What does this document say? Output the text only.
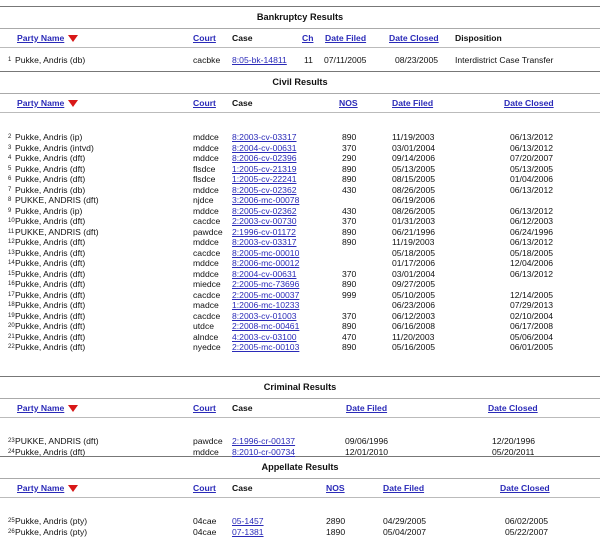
Bankruptcy Results
Party Name	Court Case	Ch Date Filed	Date Closed Disposition
1 Pukke, Andris (db)	cacbke 8:05-bk-14811 11 07/11/2005	08/23/2005 Interdistrict Case Transfer
Civil Results
Party Name	Court Case	NOS	Date Filed	Date Closed
2 Pukke, Andris (ip)	mddce 8:2003-cv-03317	890	11/19/2003	06/13/2012
3 Pukke, Andris (intvd)	mddce 8:2004-cv-00631	370	03/01/2004	06/13/2012
4 Pukke, Andris (dft)	mddce 8:2006-cv-02396	290	09/14/2006	07/20/2007
5 Pukke, Andris (dft)	flsdce 1:2005-cv-21319	890	05/13/2005	05/13/2005
6 Pukke, Andris (dft)	flsdce 1:2005-cv-22241	890	08/15/2005	01/04/2006
7 Pukke, Andris (db)	mddce 8:2005-cv-02362	430	08/26/2005	06/13/2012
8 PUKKE, ANDRIS (dft)	njdce 3:2006-mc-00078	06/19/2006
9 Pukke, Andris (ip)	mddce 8:2005-cv-02362	430	08/26/2005	06/13/2012
10 Pukke, Andris (dft)	cacdce 2:2003-cv-00730	370	01/31/2003	06/12/2003
11 PUKKE, ANDRIS (dft)	pawdce 2:1996-cv-01172	890	06/21/1996	06/24/1996
12 Pukke, Andris (dft)	mddce 8:2003-cv-03317	890	11/19/2003	06/13/2012
13 Pukke, Andris (dft)	cacdce 8:2005-mc-00010	05/18/2005	05/18/2005
14 Pukke, Andris (dft)	mddce 8:2006-mc-00012	01/17/2006	12/04/2006
15 Pukke, Andris (dft)	mddce 8:2004-cv-00631	370	03/01/2004	06/13/2012
16 Pukke, Andris (dft)	miedce 2:2005-mc-73696	890	09/27/2005
17 Pukke, Andris (dft)	cacdce 2:2005-mc-00037	999	05/10/2005	12/14/2005
18 Pukke, Andris (dft)	madce 1:2006-mc-10233	06/23/2006	07/29/2013
19 Pukke, Andris (dft)	cacdce 8:2003-cv-01003	370	06/12/2003	02/10/2004
20 Pukke, Andris (dft)	utdce 2:2008-mc-00461	890	06/16/2008	06/17/2008
21 Pukke, Andris (dft)	alndce 4:2003-cv-03100	470	11/20/2003	05/06/2004
22 Pukke, Andris (dft)	nyedce 2:2005-mc-00103	890	05/16/2005	06/01/2005
Criminal Results
Party Name	Court Case	Date Filed	Date Closed
23 PUKKE, ANDRIS (dft)	pawdce 2:1996-cr-00137	09/06/1996	12/20/1996
24 Pukke, Andris (dft)	mddce 8:2010-cr-00734	12/01/2010	05/20/2011
Appellate Results
Party Name	Court Case	NOS	Date Filed	Date Closed
25 Pukke, Andris (pty)	04cae 05-1457	2890	04/29/2005	06/02/2005
26 Pukke, Andris (pty)	04cae 07-1381	1890	05/04/2007	05/22/2007
